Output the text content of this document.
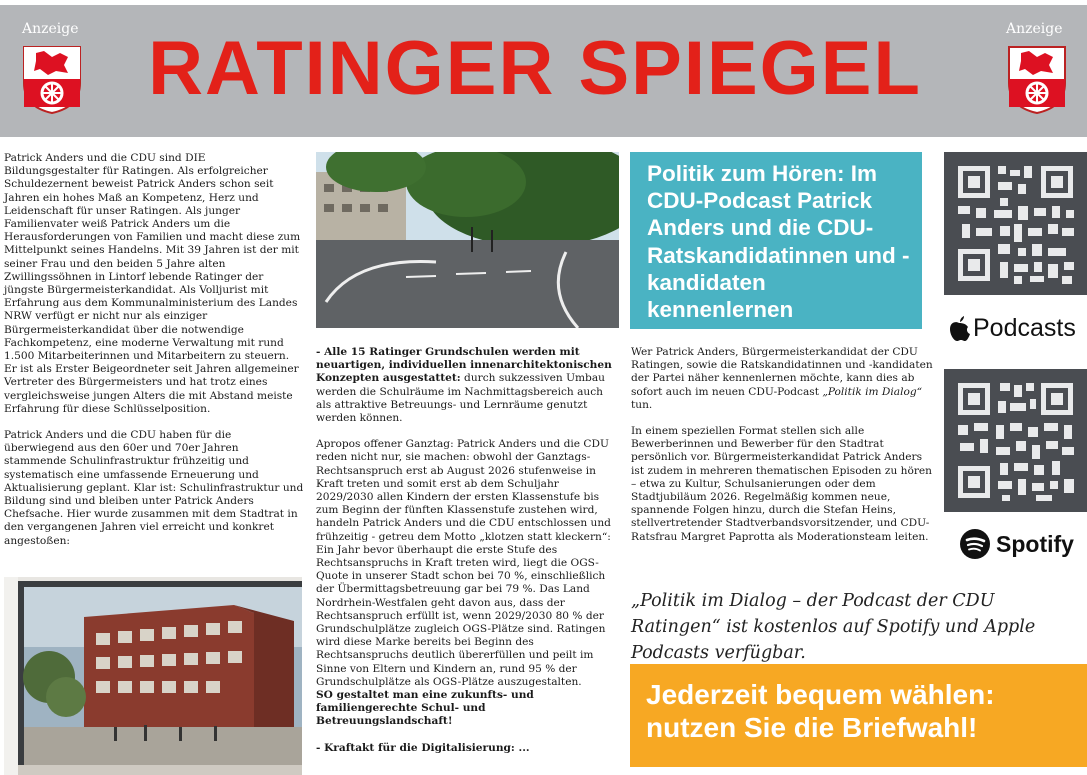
Anzeige RATINGER SPIEGEL	Anzeige

Patrick Anders und die CDU sind DIE Bildungsgestalter für Ratingen. Als erfolgreicher Schuldezernent beweist Patrick Anders schon seit Jahren ein hohes Maß an Kompetenz, Herz und Leidenschaft für unser Ratingen. Als junger Familienvater weiß Patrick Anders um die Herausforderungen von Familien und macht diese zum Mittelpunkt seines Handelns. Mit 39 Jahren ist der mit seiner Frau und den beiden 5 Jahre alten Zwillingssöhnen in Lintorf lebende Ratinger der jüngste Bürgermeisterkandidat. Als Volljurist mit Erfahrung aus dem Kommunalministerium des Landes NRW verfügt er nicht nur als einziger Bürgermeisterkandidat über die notwendige Fachkompetenz, eine moderne Verwaltung mit rund 1.500 Mitarbeiterinnen und Mitarbeitern zu steuern. Er ist als Erster Beigeordneter seit Jahren allgemeiner Vertreter des Bürgermeisters und hat trotz eines vergleichsweise jungen Alters die mit Abstand meiste Erfahrung für diese Schlüsselposition.

Patrick Anders und die CDU haben für die überwiegend aus den 60er und 70er Jahren stammende Schulinfrastruktur frühzeitig und systematisch eine umfassende Erneuerung und Aktualisierung geplant. Klar ist: Schulinfrastruktur und Bildung sind und bleiben unter Patrick Anders Chefsache. Hier wurde zusammen mit dem Stadtrat in den vergangenen Jahren viel erreicht und konkret angestoßen:

- Alle 15 Ratinger Grundschulen werden mit neuartigen, individuellen innenarchitektonischen Konzepten ausgestattet: durch sukzessiven Umbau werden die Schulräume im Nachmittagsbereich auch als attraktive Betreuungs- und Lernräume genutzt werden können.

Apropos offener Ganztag: Patrick Anders und die CDU reden nicht nur, sie machen: obwohl der Ganztags-Rechtsanspruch erst ab August 2026 stufenweise in Kraft treten und somit erst ab dem Schuljahr 2029/2030 allen Kindern der ersten Klassenstufe bis zum Beginn der fünften Klassenstufe zustehen wird, handeln Patrick Anders und die CDU entschlossen und frühzeitig - getreu dem Motto „klotzen statt kleckern“: Ein Jahr bevor überhaupt die erste Stufe des Rechtsanspruchs in Kraft treten wird, liegt die OGS-Quote in unserer Stadt schon bei 70 %, einschließlich der Übermittagsbetreuung gar bei 79 %. Das Land Nordrhein-Westfalen geht davon aus, dass der Rechtsanspruch erfüllt ist, wenn 2029/2030 80 % der Grundschulplätze zugleich OGS-Plätze sind. Ratingen wird diese Marke bereits bei Beginn des Rechtsanspruchs deutlich übererfüllen und peilt im Sinne von Eltern und Kindern an, rund 95 % der Grundschulplätze als OGS-Plätze auszugestalten.
SO gestaltet man eine zukunfts- und familiengerechte Schul- und Betreuungslandschaft!

- Kraftakt für die Digitalisierung: ...

Politik zum Hören: Im CDU-Podcast Patrick Anders und die CDU-Ratskandidatinnen und -kandidaten kennenlernen

Wer Patrick Anders, Bürgermeisterkandidat der CDU Ratingen, sowie die Ratskandidatinnen und -kandidaten der Partei näher kennenlernen möchte, kann dies ab sofort auch im neuen CDU-Podcast „Politik im Dialog“ tun.

In einem speziellen Format stellen sich alle Bewerberinnen und Bewerber für den Stadtrat persönlich vor. Bürgermeisterkandidat Patrick Anders ist zudem in mehreren thematischen Episoden zu hören – etwa zu Kultur, Schulsanierungen oder dem Stadtjubiläum 2026. Regelmäßig kommen neue, spannende Folgen hinzu, durch die Stefan Heins, stellvertretender Stadtverbandsvorsitzender, und CDU-Ratsfrau Margret Paprotta als Moderationsteam leiten.

Podcasts
Spotify
„Politik im Dialog – der Podcast der CDU Ratingen“ ist kostenlos auf Spotify und Apple Podcasts verfügbar.
Jederzeit bequem wählen: nutzen Sie die Briefwahl!
